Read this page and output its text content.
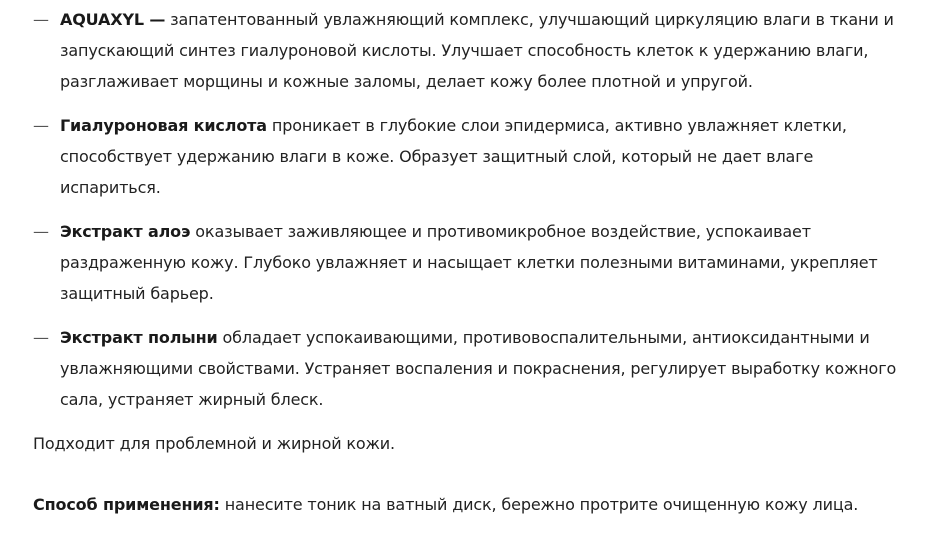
— AQUAXYL — запатентованный увлажняющий комплекс, улучшающий циркуляцию влаги в ткани и запускающий синтез гиалуроновой кислоты. Улучшает способность клеток к удержанию влаги, разглаживает морщины и кожные заломы, делает кожу более плотной и упругой.
— Гиалуроновая кислота проникает в глубокие слои эпидермиса, активно увлажняет клетки, способствует удержанию влаги в коже. Образует защитный слой, который не дает влаге испариться.
— Экстракт алоэ оказывает заживляющее и противомикробное воздействие, успокаивает раздраженную кожу. Глубоко увлажняет и насыщает клетки полезными витаминами, укрепляет защитный барьер.
— Экстракт полыни обладает успокаивающими, противовоспалительными, антиоксидантными и увлажняющими свойствами. Устраняет воспаления и покраснения, регулирует выработку кожного сала, устраняет жирный блеск.

Подходит для проблемной и жирной кожи.

Способ применения: нанесите тоник на ватный диск, бережно протрите очищенную кожу лица.
